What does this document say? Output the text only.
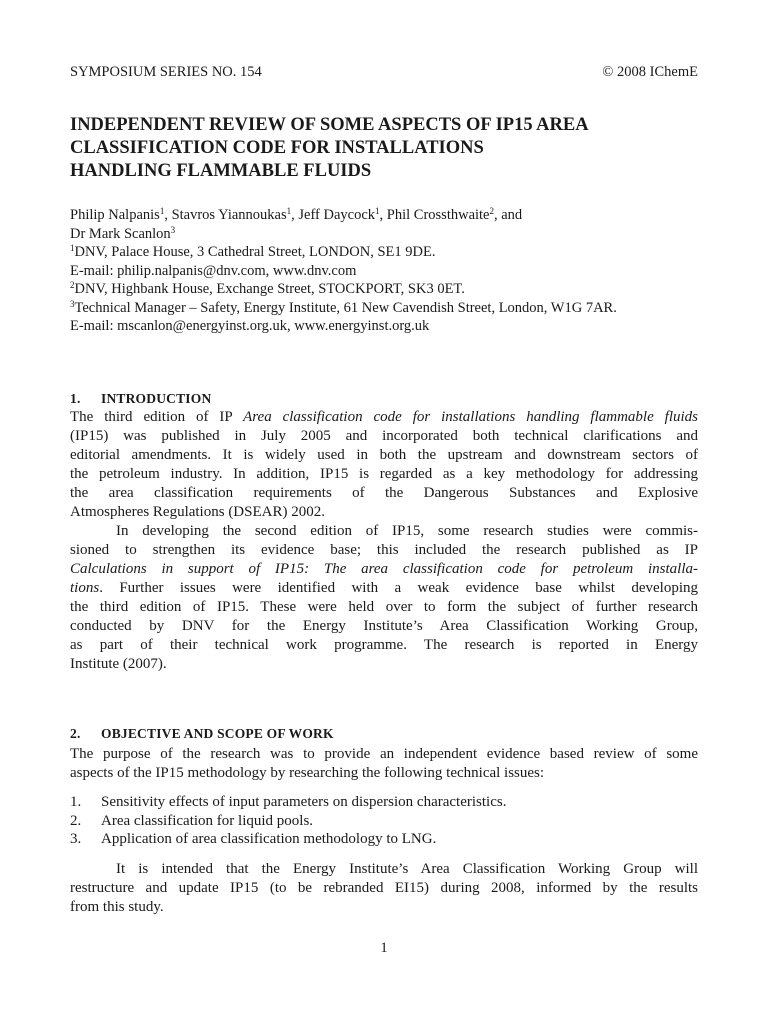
SYMPOSIUM SERIES NO. 154	© 2008 IChemE
INDEPENDENT REVIEW OF SOME ASPECTS OF IP15 AREA
CLASSIFICATION CODE FOR INSTALLATIONS
HANDLING FLAMMABLE FLUIDS
Philip Nalpanis$^1$, Stavros Yiannoukas$^1$, Jeff Daycock$^1$, Phil Crossthwaite$^2$, and
Dr Mark Scanlon$^3$
$^1$DNV, Palace House, 3 Cathedral Street, LONDON, SE1 9DE.
E-mail: philip.nalpanis@dnv.com, www.dnv.com
$^2$DNV, Highbank House, Exchange Street, STOCKPORT, SK3 0ET.
$^3$Technical Manager – Safety, Energy Institute, 61 New Cavendish Street, London, W1G 7AR.
E-mail: mscanlon@energyinst.org.uk, www.energyinst.org.uk
1. INTRODUCTION
The third edition of IP Area classification code for installations handling flammable fluids
(IP15) was published in July 2005 and incorporated both technical clarifications and
editorial amendments. It is widely used in both the upstream and downstream sectors of
the petroleum industry. In addition, IP15 is regarded as a key methodology for addressing
the area classification requirements of the Dangerous Substances and Explosive
Atmospheres Regulations (DSEAR) 2002.
In developing the second edition of IP15, some research studies were commis-
sioned to strengthen its evidence base; this included the research published as IP
Calculations in support of IP15: The area classification code for petroleum installa-
tions. Further issues were identified with a weak evidence base whilst developing
the third edition of IP15. These were held over to form the subject of further research
conducted by DNV for the Energy Institute’s Area Classification Working Group,
as part of their technical work programme. The research is reported in Energy
Institute (2007).
2. OBJECTIVE AND SCOPE OF WORK
The purpose of the research was to provide an independent evidence based review of some
aspects of the IP15 methodology by researching the following technical issues:
1.	Sensitivity effects of input parameters on dispersion characteristics.
2.	Area classification for liquid pools.
3.	Application of area classification methodology to LNG.
It is intended that the Energy Institute’s Area Classification Working Group will
restructure and update IP15 (to be rebranded EI15) during 2008, informed by the results
from this study.
1
